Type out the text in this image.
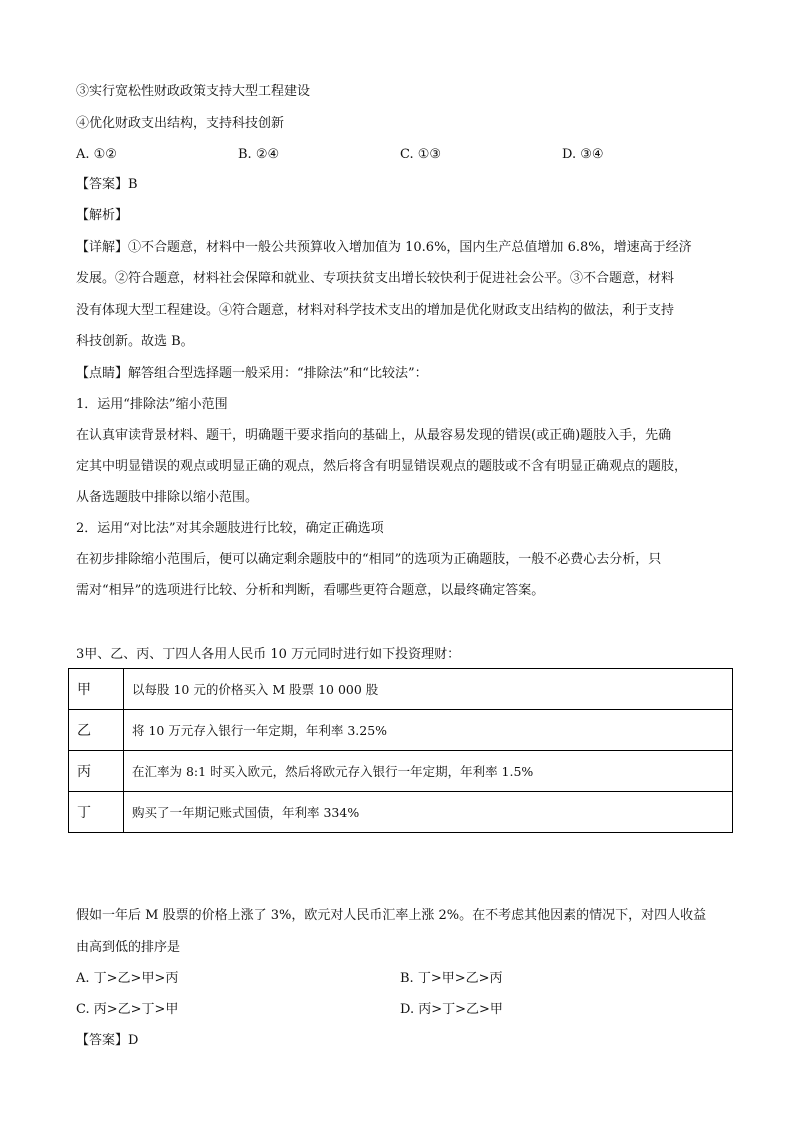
③实行宽松性财政政策支持大型工程建设
④优化财政支出结构，支持科技创新
A. ①②	B. ②④	C. ①③	D. ③④
【答案】B
【解析】
【详解】①不合题意，材料中一般公共预算收入增加值为 10.6%，国内生产总值增加 6.8%，增速高于经济
发展。②符合题意，材料社会保障和就业、专项扶贫支出增长较快利于促进社会公平。③不合题意，材料
没有体现大型工程建设。④符合题意，材料对科学技术支出的增加是优化财政支出结构的做法，利于支持
科技创新。故选 B。
【点睛】解答组合型选择题一般采用：“排除法”和“比较法”：
1．运用“排除法”缩小范围
在认真审读背景材料、题干，明确题干要求指向的基础上，从最容易发现的错误(或正确)题肢入手，先确
定其中明显错误的观点或明显正确的观点，然后将含有明显错误观点的题肢或不含有明显正确观点的题肢，
从备选题肢中排除以缩小范围。
2．运用“对比法”对其余题肢进行比较，确定正确选项
在初步排除缩小范围后，便可以确定剩余题肢中的“相同”的选项为正确题肢，一般不必费心去分析，只
需对“相异”的选项进行比较、分析和判断，看哪些更符合题意，以最终确定答案。
3甲、乙、丙、丁四人各用人民币 10 万元同时进行如下投资理财：
甲	以每股 10 元的价格买入 M 股票 10 000 股
乙	将 10 万元存入银行一年定期，年利率 3.25%
丙	在汇率为 8:1 时买入欧元，然后将欧元存入银行一年定期，年利率 1.5%
丁	购买了一年期记账式国债，年利率 334%
假如一年后 M 股票的价格上涨了 3%，欧元对人民币汇率上涨 2%。在不考虑其他因素的情况下，对四人收益
由高到低的排序是
A. 丁>乙>甲>丙	B. 丁>甲>乙>丙
C. 丙>乙>丁>甲	D. 丙>丁>乙>甲
【答案】D
